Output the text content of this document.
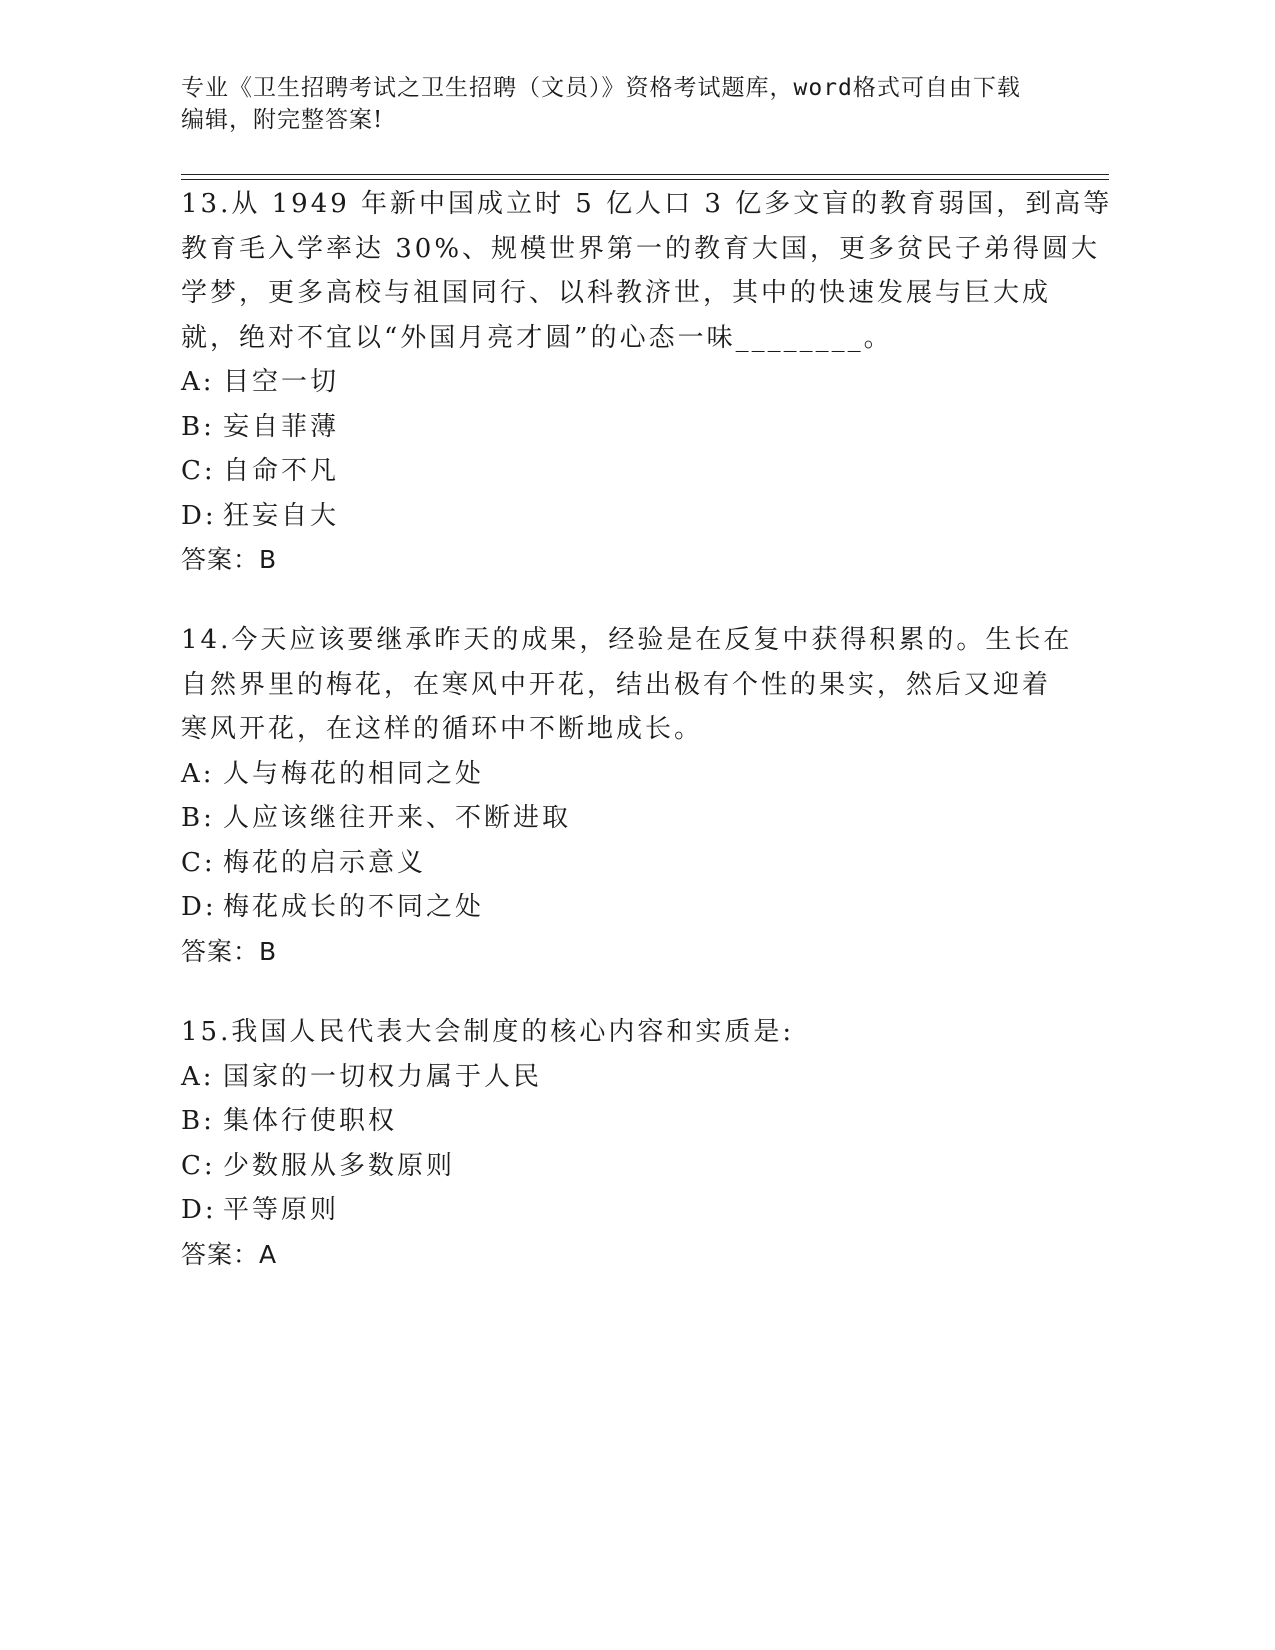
专业《卫生招聘考试之卫生招聘（文员）》资格考试题库，word格式可自由下载
编辑，附完整答案!
13.从 1949 年新中国成立时 5 亿人口 3 亿多文盲的教育弱国，到高等
教育毛入学率达 30%、规模世界第一的教育大国，更多贫民子弟得圆大
学梦，更多高校与祖国同行、以科教济世，其中的快速发展与巨大成
就，绝对不宜以“外国月亮才圆”的心态一味________。
A: 目空一切
B: 妄自菲薄
C: 自命不凡
D: 狂妄自大
答案：B
14.今天应该要继承昨天的成果，经验是在反复中获得积累的。生长在
自然界里的梅花，在寒风中开花，结出极有个性的果实，然后又迎着
寒风开花，在这样的循环中不断地成长。
A: 人与梅花的相同之处
B: 人应该继往开来、不断进取
C: 梅花的启示意义
D: 梅花成长的不同之处
答案：B
15.我国人民代表大会制度的核心内容和实质是:
A: 国家的一切权力属于人民
B: 集体行使职权
C: 少数服从多数原则
D: 平等原则
答案：A
